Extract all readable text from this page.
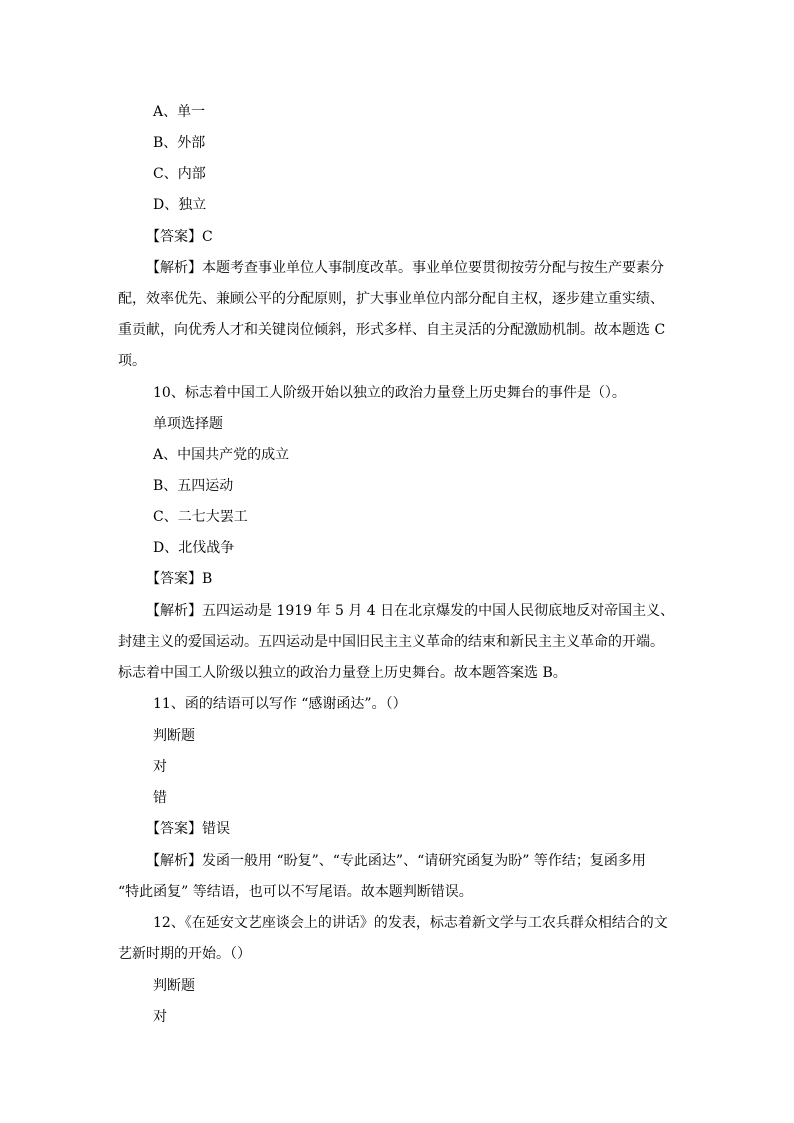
A、单一
B、外部
C、内部
D、独立
【答案】C
【解析】本题考查事业单位人事制度改革。事业单位要贯彻按劳分配与按生产要素分
配，效率优先、兼顾公平的分配原则，扩大事业单位内部分配自主权，逐步建立重实绩、
重贡献，向优秀人才和关键岗位倾斜，形式多样、自主灵活的分配激励机制。故本题选 C
项。
10、标志着中国工人阶级开始以独立的政治力量登上历史舞台的事件是（）。
单项选择题
A、中国共产党的成立
B、五四运动
C、二七大罢工
D、北伐战争
【答案】B
【解析】五四运动是 1919 年 5 月 4 日在北京爆发的中国人民彻底地反对帝国主义、
封建主义的爱国运动。五四运动是中国旧民主主义革命的结束和新民主主义革命的开端。
标志着中国工人阶级以独立的政治力量登上历史舞台。故本题答案选 B。
11、函的结语可以写作 “感谢函达”。（）
判断题
对
错
【答案】错误
【解析】发函一般用 “盼复”、“专此函达”、“请研究函复为盼” 等作结；复函多用
“特此函复” 等结语，也可以不写尾语。故本题判断错误。
12、《在延安文艺座谈会上的讲话》的发表，标志着新文学与工农兵群众相结合的文
艺新时期的开始。（）
判断题
对
